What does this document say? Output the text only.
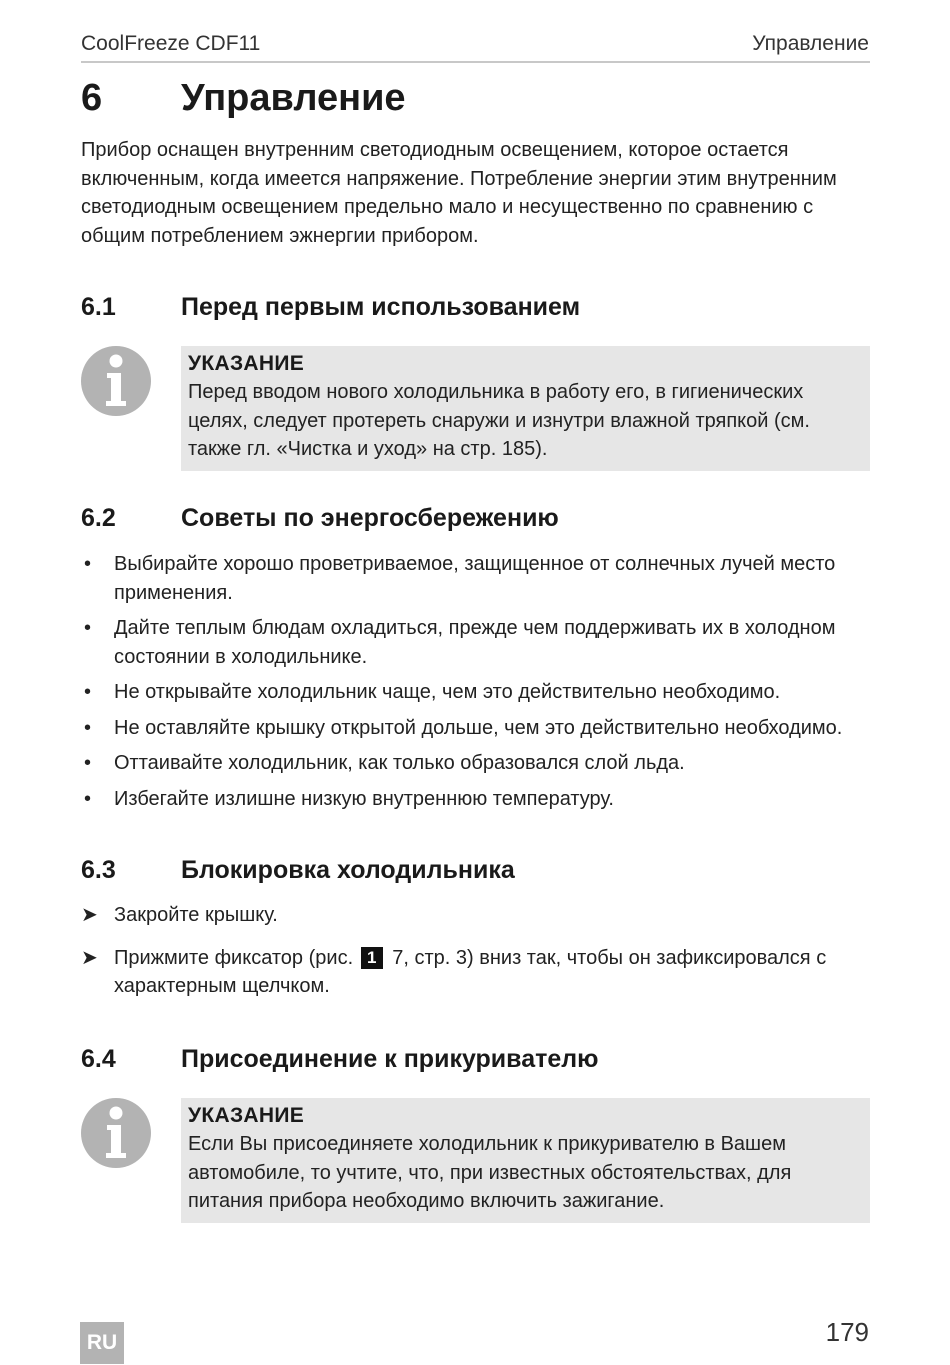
CoolFreeze CDF11	Управление
6 Управление
Прибор оснащен внутренним светодиодным освещением, которое остается включенным, когда имеется напряжение. Потребление энергии этим внутренним светодиодным освещением предельно мало и несущественно по сравнению с общим потреблением эжнергии прибором.
6.1	Перед первым использованием
УКАЗАНИЕ
Перед вводом нового холодильника в работу его, в гигиенических целях, следует протереть снаружи и изнутри влажной тряпкой (см. также гл. «Чистка и уход» на стр. 185).
6.2	Советы по энергосбережению
• Выбирайте хорошо проветриваемое, защищенное от солнечных лучей место применения.
• Дайте теплым блюдам охладиться, прежде чем поддерживать их в холодном состоянии в холодильнике.
• Не открывайте холодильник чаще, чем это действительно необходимо.
• Не оставляйте крышку открытой дольше, чем это действительно необходимо.
• Оттаивайте холодильник, как только образовался слой льда.
• Избегайте излишне низкую внутреннюю температуру.
6.3	Блокировка холодильника
➤ Закройте крышку.
➤ Прижмите фиксатор (рис. 1 7, стр. 3) вниз так, чтобы он зафиксировался с характерным щелчком.
6.4	Присоединение к прикуривателю
УКАЗАНИЕ
Если Вы присоединяете холодильник к прикуривателю в Вашем автомобиле, то учтите, что, при известных обстоятельствах, для питания прибора необходимо включить зажигание.
RU	179
